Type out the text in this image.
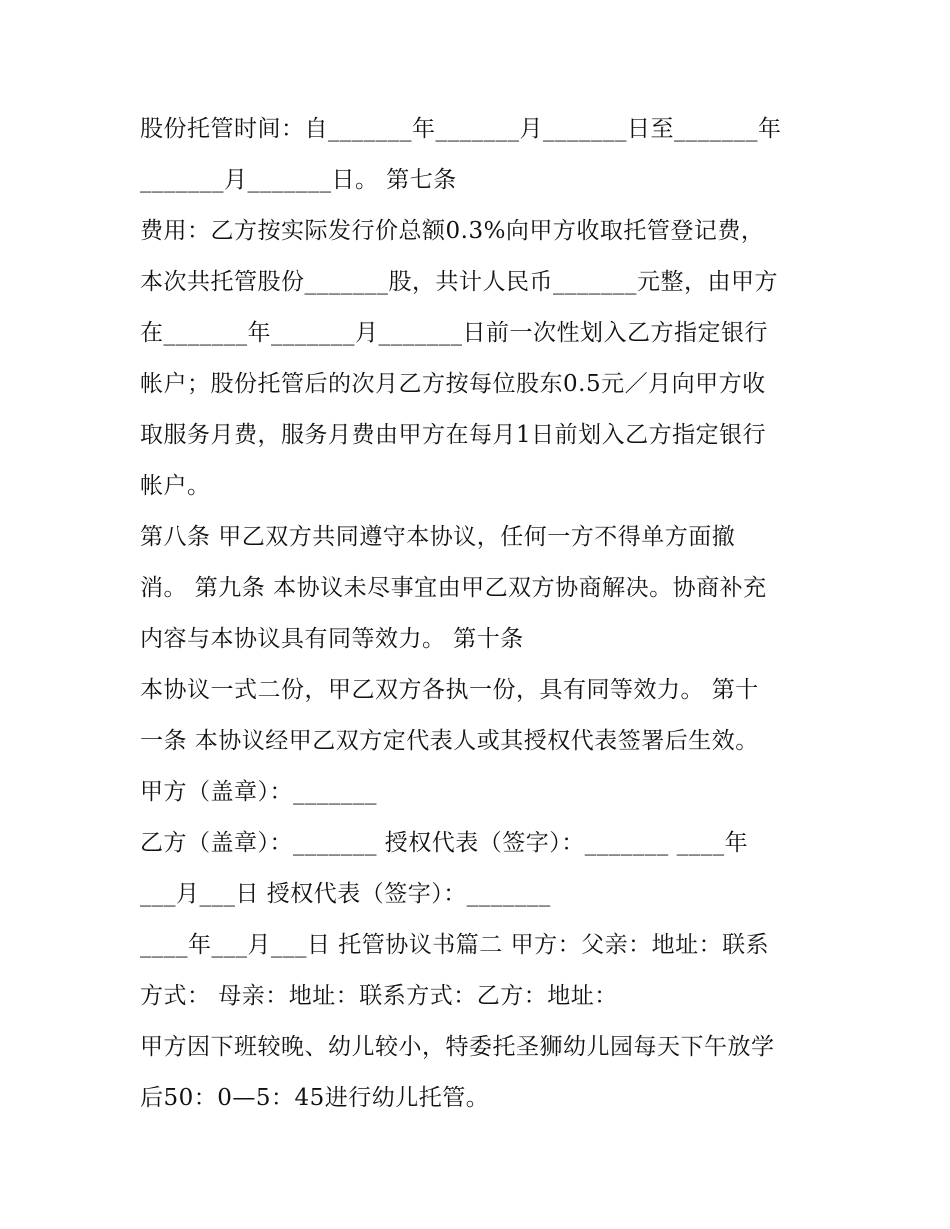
股份托管时间：自_______年_______月_______日至_______年
_______月_______日。 第七条
费用：乙方按实际发行价总额0.3%向甲方收取托管登记费，
本次共托管股份_______股，共计人民币_______元整，由甲方
在_______年_______月_______日前一次性划入乙方指定银行
帐户；股份托管后的次月乙方按每位股东0.5元／月向甲方收
取服务月费，服务月费由甲方在每月1日前划入乙方指定银行
帐户。
第八条 甲乙双方共同遵守本协议，任何一方不得单方面撤
消。 第九条 本协议未尽事宜由甲乙双方协商解决。协商补充
内容与本协议具有同等效力。 第十条
本协议一式二份，甲乙双方各执一份，具有同等效力。 第十
一条 本协议经甲乙双方定代表人或其授权代表签署后生效。
甲方（盖章）：_______
乙方（盖章）：_______ 授权代表（签字）：_______ ____年
___月___日 授权代表（签字）：_______
____年___月___日 托管协议书篇二 甲方：父亲：地址：联系
方式： 母亲：地址：联系方式：乙方：地址：
甲方因下班较晚、幼儿较小，特委托圣狮幼儿园每天下午放学
后50：0—5：45进行幼儿托管。
